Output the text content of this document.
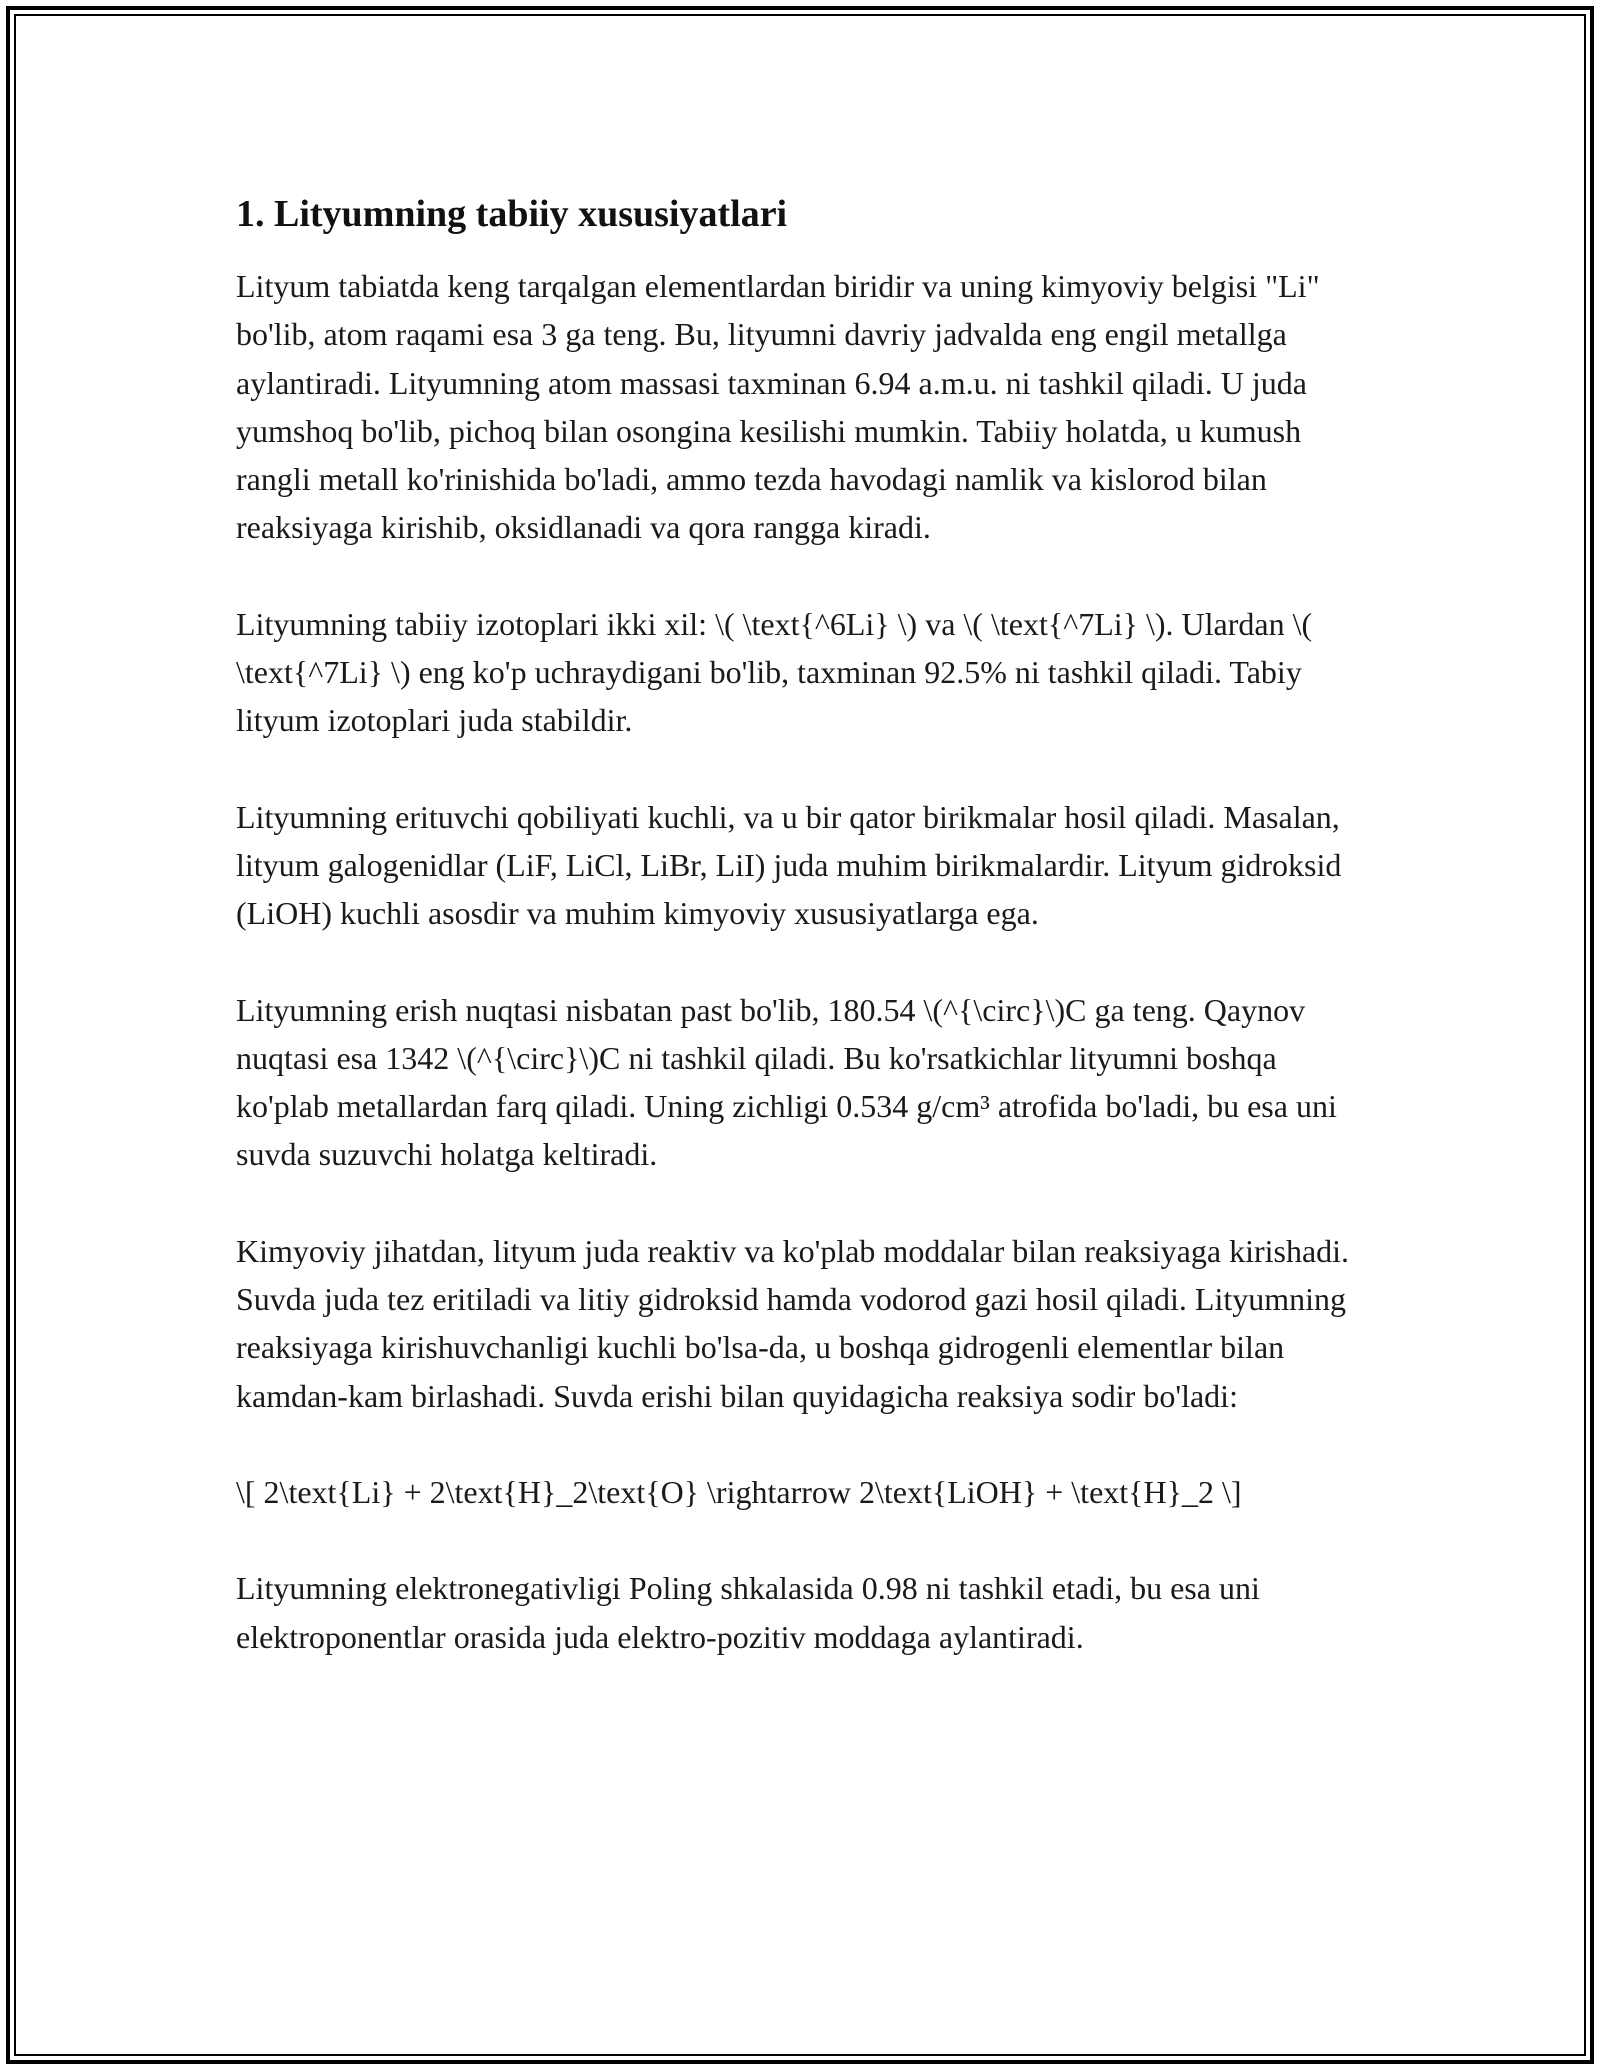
1. Lityumning tabiiy xususiyatlari

Lityum tabiatda keng tarqalgan elementlardan biridir va uning kimyoviy belgisi "Li" bo'lib, atom raqami esa 3 ga teng. Bu, lityumni davriy jadvalda eng engil metallga aylantiradi. Lityumning atom massasi taxminan 6.94 a.m.u. ni tashkil qiladi. U juda yumshoq bo'lib, pichoq bilan osongina kesilishi mumkin. Tabiiy holatda, u kumush rangli metall ko'rinishida bo'ladi, ammo tezda havodagi namlik va kislorod bilan reaksiyaga kirishib, oksidlanadi va qora rangga kiradi.

Lityumning tabiiy izotoplari ikki xil: \( \text{^6Li} \) va \( \text{^7Li} \). Ulardan \( \text{^7Li} \) eng ko'p uchraydigani bo'lib, taxminan 92.5% ni tashkil qiladi. Tabiy lityum izotoplari juda stabildir.

Lityumning erituvchi qobiliyati kuchli, va u bir qator birikmalar hosil qiladi. Masalan, lityum galogenidlar (LiF, LiCl, LiBr, LiI) juda muhim birikmalardir. Lityum gidroksid (LiOH) kuchli asosdir va muhim kimyoviy xususiyatlarga ega.

Lityumning erish nuqtasi nisbatan past bo'lib, 180.54 \(^{\circ}\)C ga teng. Qaynov nuqtasi esa 1342 \(^{\circ}\)C ni tashkil qiladi. Bu ko'rsatkichlar lityumni boshqa ko'plab metallardan farq qiladi. Uning zichligi 0.534 g/cm³ atrofida bo'ladi, bu esa uni suvda suzuvchi holatga keltiradi.

Kimyoviy jihatdan, lityum juda reaktiv va ko'plab moddalar bilan reaksiyaga kirishadi. Suvda juda tez eritiladi va litiy gidroksid hamda vodorod gazi hosil qiladi. Lityumning reaksiyaga kirishuvchanligi kuchli bo'lsa-da, u boshqa gidrogenli elementlar bilan kamdan-kam birlashadi. Suvda erishi bilan quyidagicha reaksiya sodir bo'ladi:

\[ 2\text{Li} + 2\text{H}_2\text{O} \rightarrow 2\text{LiOH} + \text{H}_2 \]

Lityumning elektronegativligi Poling shkalasida 0.98 ni tashkil etadi, bu esa uni elektroponentlar orasida juda elektro-pozitiv moddaga aylantiradi.
